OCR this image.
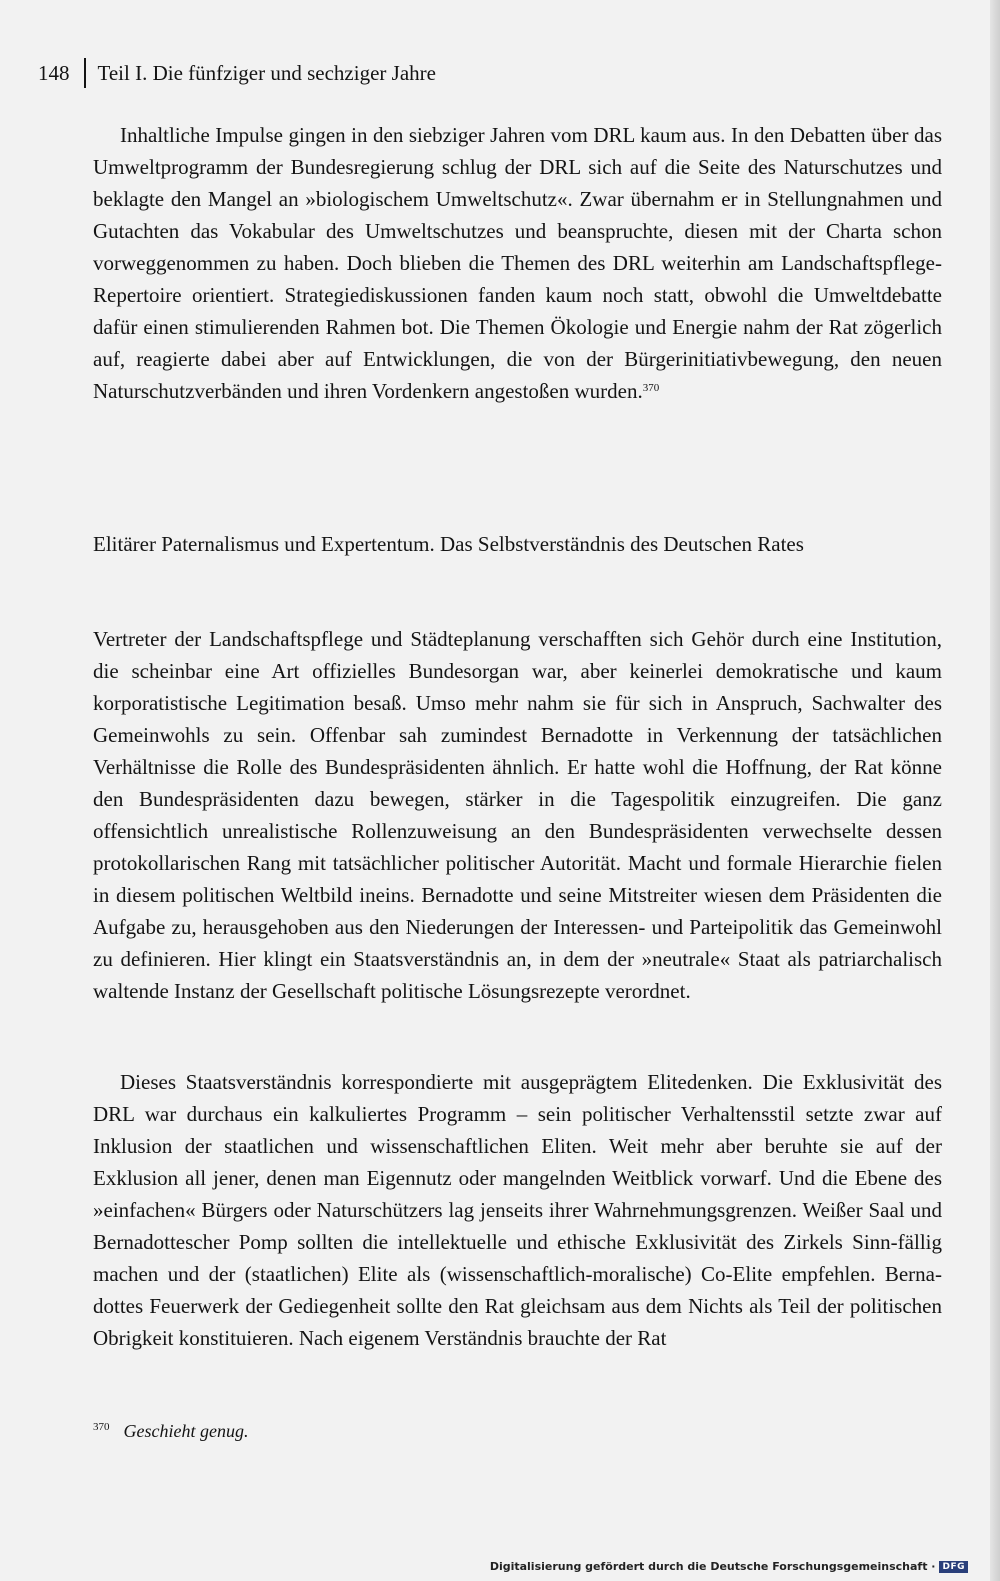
148 Teil I. Die fünfziger und sechziger Jahre

Inhaltliche Impulse gingen in den siebziger Jahren vom DRL kaum aus. In den Debatten über das Umweltprogramm der Bundesregierung schlug der DRL sich auf die Seite des Naturschutzes und beklagte den Mangel an »biologischem Umweltschutz«. Zwar übernahm er in Stellungnahmen und Gutachten das Vokabular des Umweltschutzes und beanspruchte, diesen mit der Charta schon vorweggenommen zu haben. Doch blieben die Themen des DRL weiterhin am Landschaftspflege-Repertoire orientiert. Strategiediskussionen fanden kaum noch statt, obwohl die Umweltdebatte dafür einen stimulierenden Rahmen bot. Die Themen Ökologie und Energie nahm der Rat zögerlich auf, reagierte dabei aber auf Entwicklungen, die von der Bürgerinitiativbewegung, den neuen Naturschutzverbänden und ihren Vordenkern angestoßen wurden.$^{370}$

Elitärer Paternalismus und Expertentum. Das Selbstverständnis des Deutschen Rates

Vertreter der Landschaftspflege und Städteplanung verschafften sich Gehör durch eine Institution, die scheinbar eine Art offizielles Bundesorgan war, aber keinerlei demokratische und kaum korporatistische Legitimation besaß. Umso mehr nahm sie für sich in Anspruch, Sachwalter des Gemeinwohls zu sein. Offenbar sah zumindest Bernadotte in Verkennung der tatsächlichen Verhältnisse die Rolle des Bundespräsidenten ähnlich. Er hatte wohl die Hoffnung, der Rat könne den Bundespräsidenten dazu bewegen, stärker in die Tagespolitik einzugreifen. Die ganz offensichtlich unrealistische Rollenzuweisung an den Bundespräsidenten verwechselte dessen protokollarischen Rang mit tatsächlicher politischer Autorität. Macht und formale Hierarchie fielen in diesem politischen Weltbild ineins. Bernadotte und seine Mitstreiter wiesen dem Präsidenten die Aufgabe zu, herausgehoben aus den Niederungen der Interessen- und Parteipolitik das Gemeinwohl zu definieren. Hier klingt ein Staatsverständnis an, in dem der »neutrale« Staat als patriarchalisch waltende Instanz der Gesellschaft politische Lösungsrezepte verordnet.

Dieses Staatsverständnis korrespondierte mit ausgeprägtem Elitedenken. Die Exklusivität des DRL war durchaus ein kalkuliertes Programm – sein politischer Verhaltensstil setzte zwar auf Inklusion der staatlichen und wissenschaftlichen Eliten. Weit mehr aber beruhte sie auf der Exklusion all jener, denen man Eigennutz oder mangelnden Weitblick vorwarf. Und die Ebene des »einfachen« Bürgers oder Naturschützers lag jenseits ihrer Wahrnehmungsgrenzen. Weißer Saal und Bernadottescher Pomp sollten die intellektuelle und ethische Exklusivität des Zirkels Sinn-fällig machen und der (staatlichen) Elite als (wissenschaftlich-moralische) Co-Elite empfehlen. Bernadottes Feuerwerk der Gediegenheit sollte den Rat gleichsam aus dem Nichts als Teil der politischen Obrigkeit konstituieren. Nach eigenem Verständnis brauchte der Rat

$^{370}$ Geschieht genug.
Digitalisierung gefördert durch die Deutsche Forschungsgemeinschaft · DFG
